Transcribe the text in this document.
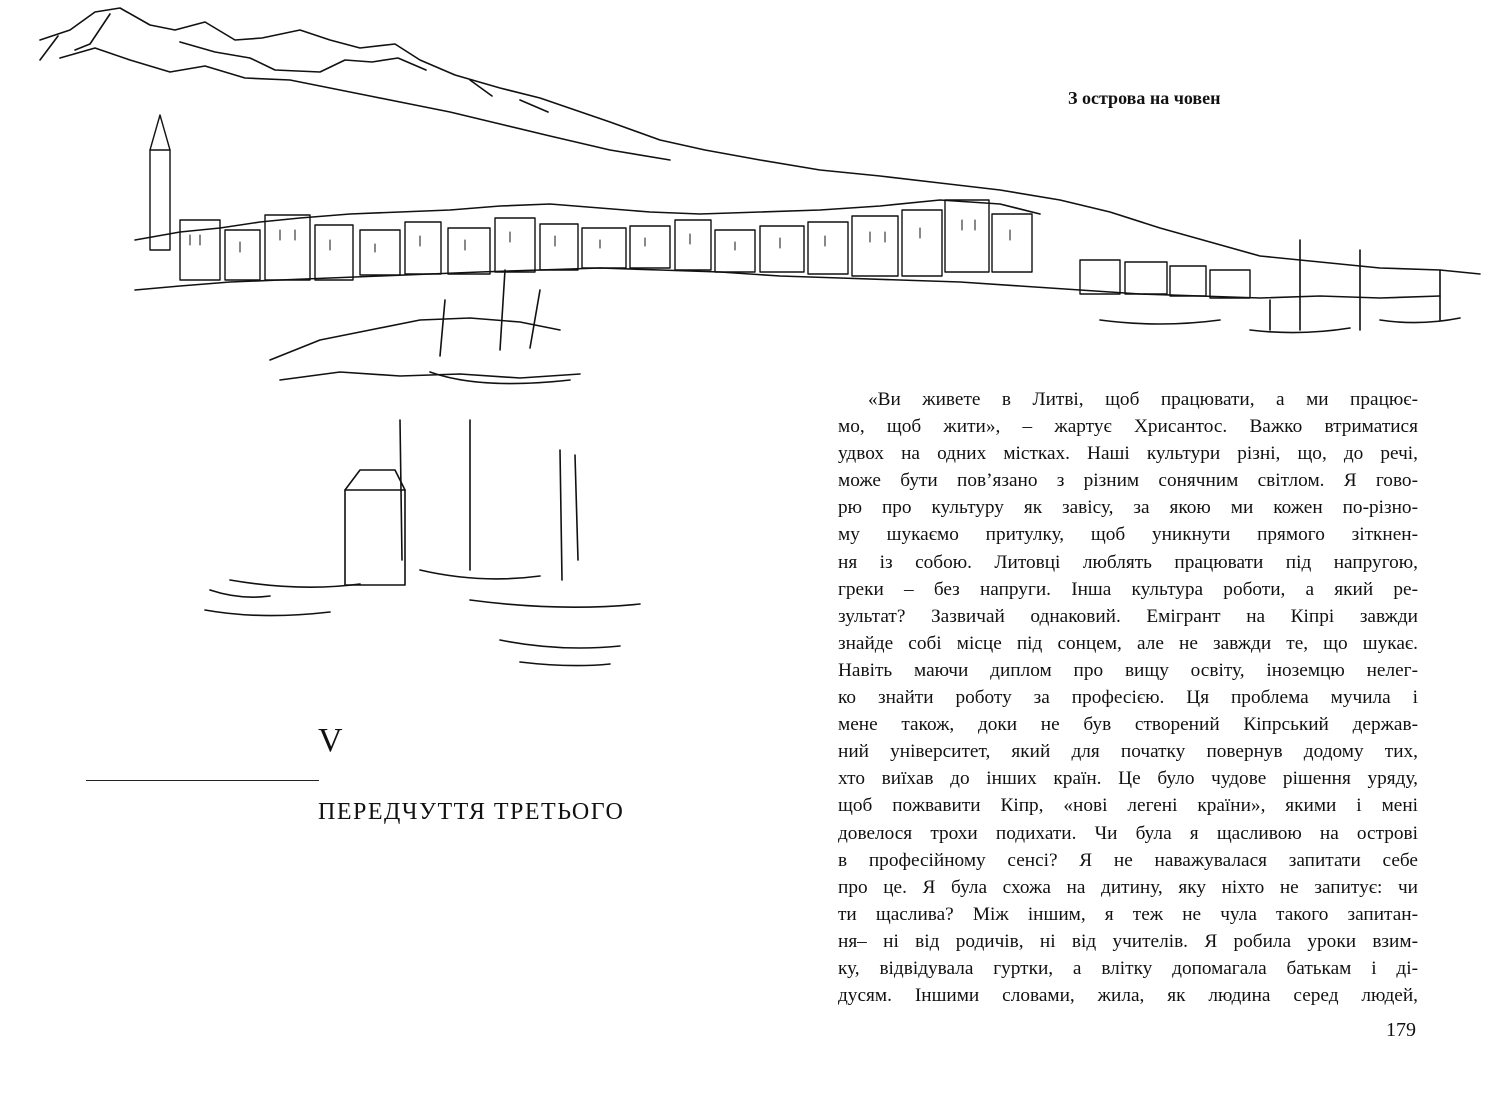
З острова на човен
V
ПЕРЕДЧУТТЯ ТРЕТЬОГО
«Ви живете в Литві, щоб працювати, а ми працює-
мо, щоб жити», – жартує Хрисантос. Важко втриматися
удвох на одних містках. Наші культури різні, що, до речі,
може бути пов’язано з різним сонячним світлом. Я гово-
рю про культуру як завісу, за якою ми кожен по-різно-
му шукаємо притулку, щоб уникнути прямого зіткнен-
ня із собою. Литовці люблять працювати під напругою,
греки – без напруги. Інша культура роботи, а який ре-
зультат? Зазвичай однаковий. Емігрант на Кіпрі завжди
знайде собі місце під сонцем, але не завжди те, що шукає.
Навіть маючи диплом про вищу освіту, іноземцю нелег-
ко знайти роботу за професією. Ця проблема мучила і
мене також, доки не був створений Кіпрський держав-
ний університет, який для початку повернув додому тих,
хто виїхав до інших країн. Це було чудове рішення уряду,
щоб пожвавити Кіпр, «нові легені країни», якими і мені
довелося трохи подихати. Чи була я щасливою на острові
в професійному сенсі? Я не наважувалася запитати себе
про це. Я була схожа на дитину, яку ніхто не запитує: чи
ти щаслива? Між іншим, я теж не чула такого запитан-
ня– ні від родичів, ні від учителів. Я робила уроки взим-
ку, відвідувала гуртки, а влітку допомагала батькам і ді-
дусям. Іншими словами, жила, як людина серед людей,
179
